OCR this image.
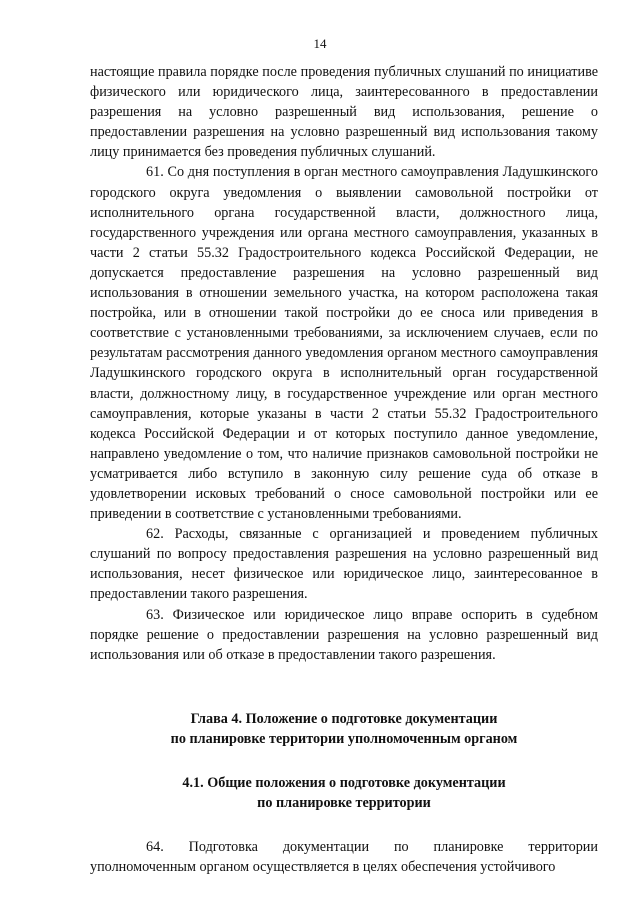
14

настоящие правила порядке после проведения публичных слушаний по инициативе физического или юридического лица, заинтересованного в предоставлении разрешения на условно разрешенный вид использования, решение о предоставлении разрешения на условно разрешенный вид использования такому лицу принимается без проведения публичных слушаний.

61. Со дня поступления в орган местного самоуправления Ладушкинского городского округа уведомления о выявлении самовольной постройки от исполнительного органа государственной власти, должностного лица, государственного учреждения или органа местного самоуправления, указанных в части 2 статьи 55.32 Градостроительного кодекса Российской Федерации, не допускается предоставление разрешения на условно разрешенный вид использования в отношении земельного участка, на котором расположена такая постройка, или в отношении такой постройки до ее сноса или приведения в соответствие с установленными требованиями, за исключением случаев, если по результатам рассмотрения данного уведомления органом местного самоуправления Ладушкинского городского округа в исполнительный орган государственной власти, должностному лицу, в государственное учреждение или орган местного самоуправления, которые указаны в части 2 статьи 55.32 Градостроительного кодекса Российской Федерации и от которых поступило данное уведомление, направлено уведомление о том, что наличие признаков самовольной постройки не усматривается либо вступило в законную силу решение суда об отказе в удовлетворении исковых требований о сносе самовольной постройки или ее приведении в соответствие с установленными требованиями.

62. Расходы, связанные с организацией и проведением публичных слушаний по вопросу предоставления разрешения на условно разрешенный вид использования, несет физическое или юридическое лицо, заинтересованное в предоставлении такого разрешения.

63. Физическое или юридическое лицо вправе оспорить в судебном порядке решение о предоставлении разрешения на условно разрешенный вид использования или об отказе в предоставлении такого разрешения.

Глава 4. Положение о подготовке документации
по планировке территории уполномоченным органом
4.1. Общие положения о подготовке документации
по планировке территории

64. Подготовка документации по планировке территории уполномоченным органом осуществляется в целях обеспечения устойчивого
